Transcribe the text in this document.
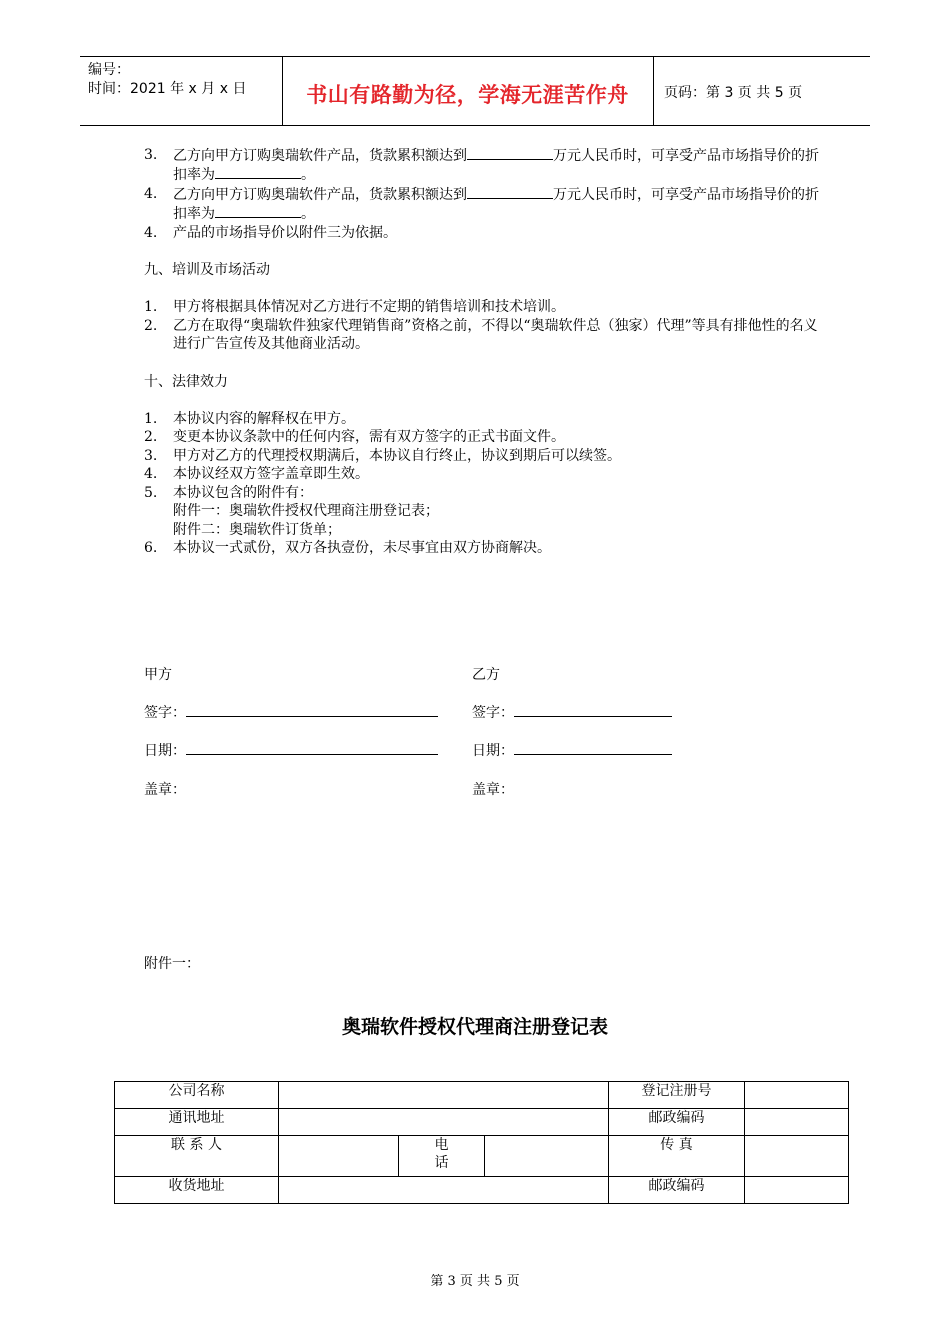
编号：
时间：2021 年 x 月 x 日	书山有路勤为径，学海无涯苦作舟	页码：第 3 页 共 5 页
3. 乙方向甲方订购奥瑞软件产品，货款累积额达到	万元人民币时，可享受产品市场指导价的折扣率为	。
4. 乙方向甲方订购奥瑞软件产品，货款累积额达到	万元人民币时，可享受产品市场指导价的折扣率为	。
4. 产品的市场指导价以附件三为依据。
九、培训及市场活动
1. 甲方将根据具体情况对乙方进行不定期的销售培训和技术培训。
2. 乙方在取得“奥瑞软件独家代理销售商”资格之前，不得以“奥瑞软件总（独家）代理”等具有排他性的名义进行广告宣传及其他商业活动。
十、法律效力
1. 本协议内容的解释权在甲方。
2. 变更本协议条款中的任何内容，需有双方签字的正式书面文件。
3. 甲方对乙方的代理授权期满后，本协议自行终止，协议到期后可以续签。
4. 本协议经双方签字盖章即生效。
5. 本协议包含的附件有：
附件一：奥瑞软件授权代理商注册登记表；
附件二：奥瑞软件订货单；
6. 本协议一式贰份，双方各执壹份，未尽事宜由双方协商解决。
甲方	乙方
签字：	签字：
日期：	日期：
盖章：	盖章：
附件一：
奥瑞软件授权代理商注册登记表
公司名称				登记注册号	
通讯地址				邮政编码	
联 系 人		电 话		传 真	
收货地址				邮政编码	
第 3 页 共 5 页
